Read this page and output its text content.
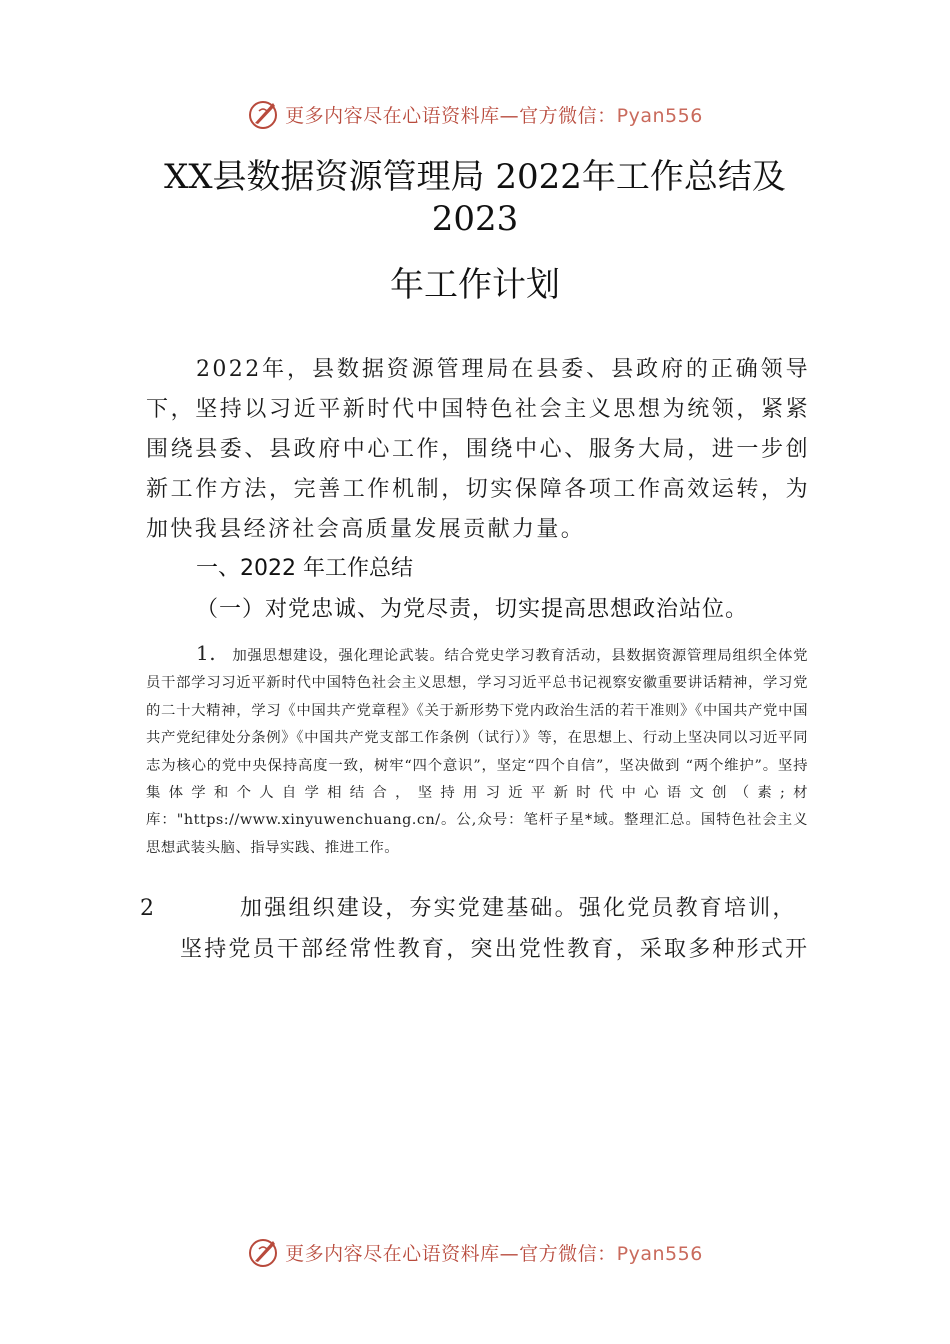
更多内容尽在心语资料库—官方微信：Pyan556
XX县数据资源管理局 2022年工作总结及
2023
年工作计划
2022年，县数据资源管理局在县委、县政府的正确领导下，坚持以习近平新时代中国特色社会主义思想为统领，紧紧围绕县委、县政府中心工作，围绕中心、服务大局，进一步创新工作方法，完善工作机制，切实保障各项工作高效运转，为加快我县经济社会高质量发展贡献力量。
一、2022 年工作总结
（一）对党忠诚、为党尽责，切实提高思想政治站位。
1. 加强思想建设，强化理论武装。结合党史学习教育活动，县数据资源管理局组织全体党员干部学习习近平新时代中国特色社会主义思想，学习习近平总书记视察安徽重要讲话精神，学习党的二十大精神，学习《中国共产党章程》《关于新形势下党内政治生活的若干准则》《中国共产党中国 共产党纪律处分条例》《中国共产党支部工作条例（试行）》等，在思想上、行动上坚决同以习近平同志为核心的党中央保持高度一致，树牢“四个意识”，坚定“四个自信”，坚决做到 “两个维护”。坚持集体学和个人自学相结合，坚持用习近平新时代中心语文创（素;材库："https://www.xinyuwenchuang.cn/。公,众号：笔杆子星*域。整理汇总。国特色社会主义思想武装头脑、指导实践、推进工作。
2	加强组织建设，夯实党建基础。强化党员教育培训，
坚持党员干部经常性教育，突出党性教育，采取多种形式开
更多内容尽在心语资料库—官方微信：Pyan556
